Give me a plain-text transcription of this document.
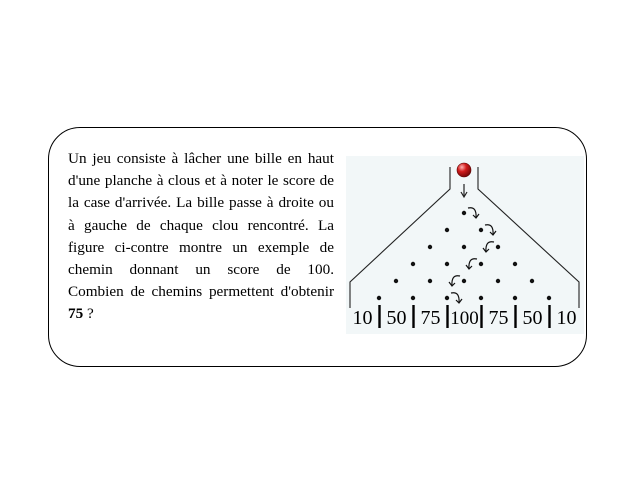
Un jeu consiste à lâcher une bille en haut d'une planche à clous et à noter le score de la case d'arrivée. La bille passe à droite ou à gauche de chaque clou rencontré. La figure ci-contre montre un exemple de chemin donnant un score de 100.

Combien de chemins permettent d'obtenir 75 ?	10 50 75 100 75 50 10
